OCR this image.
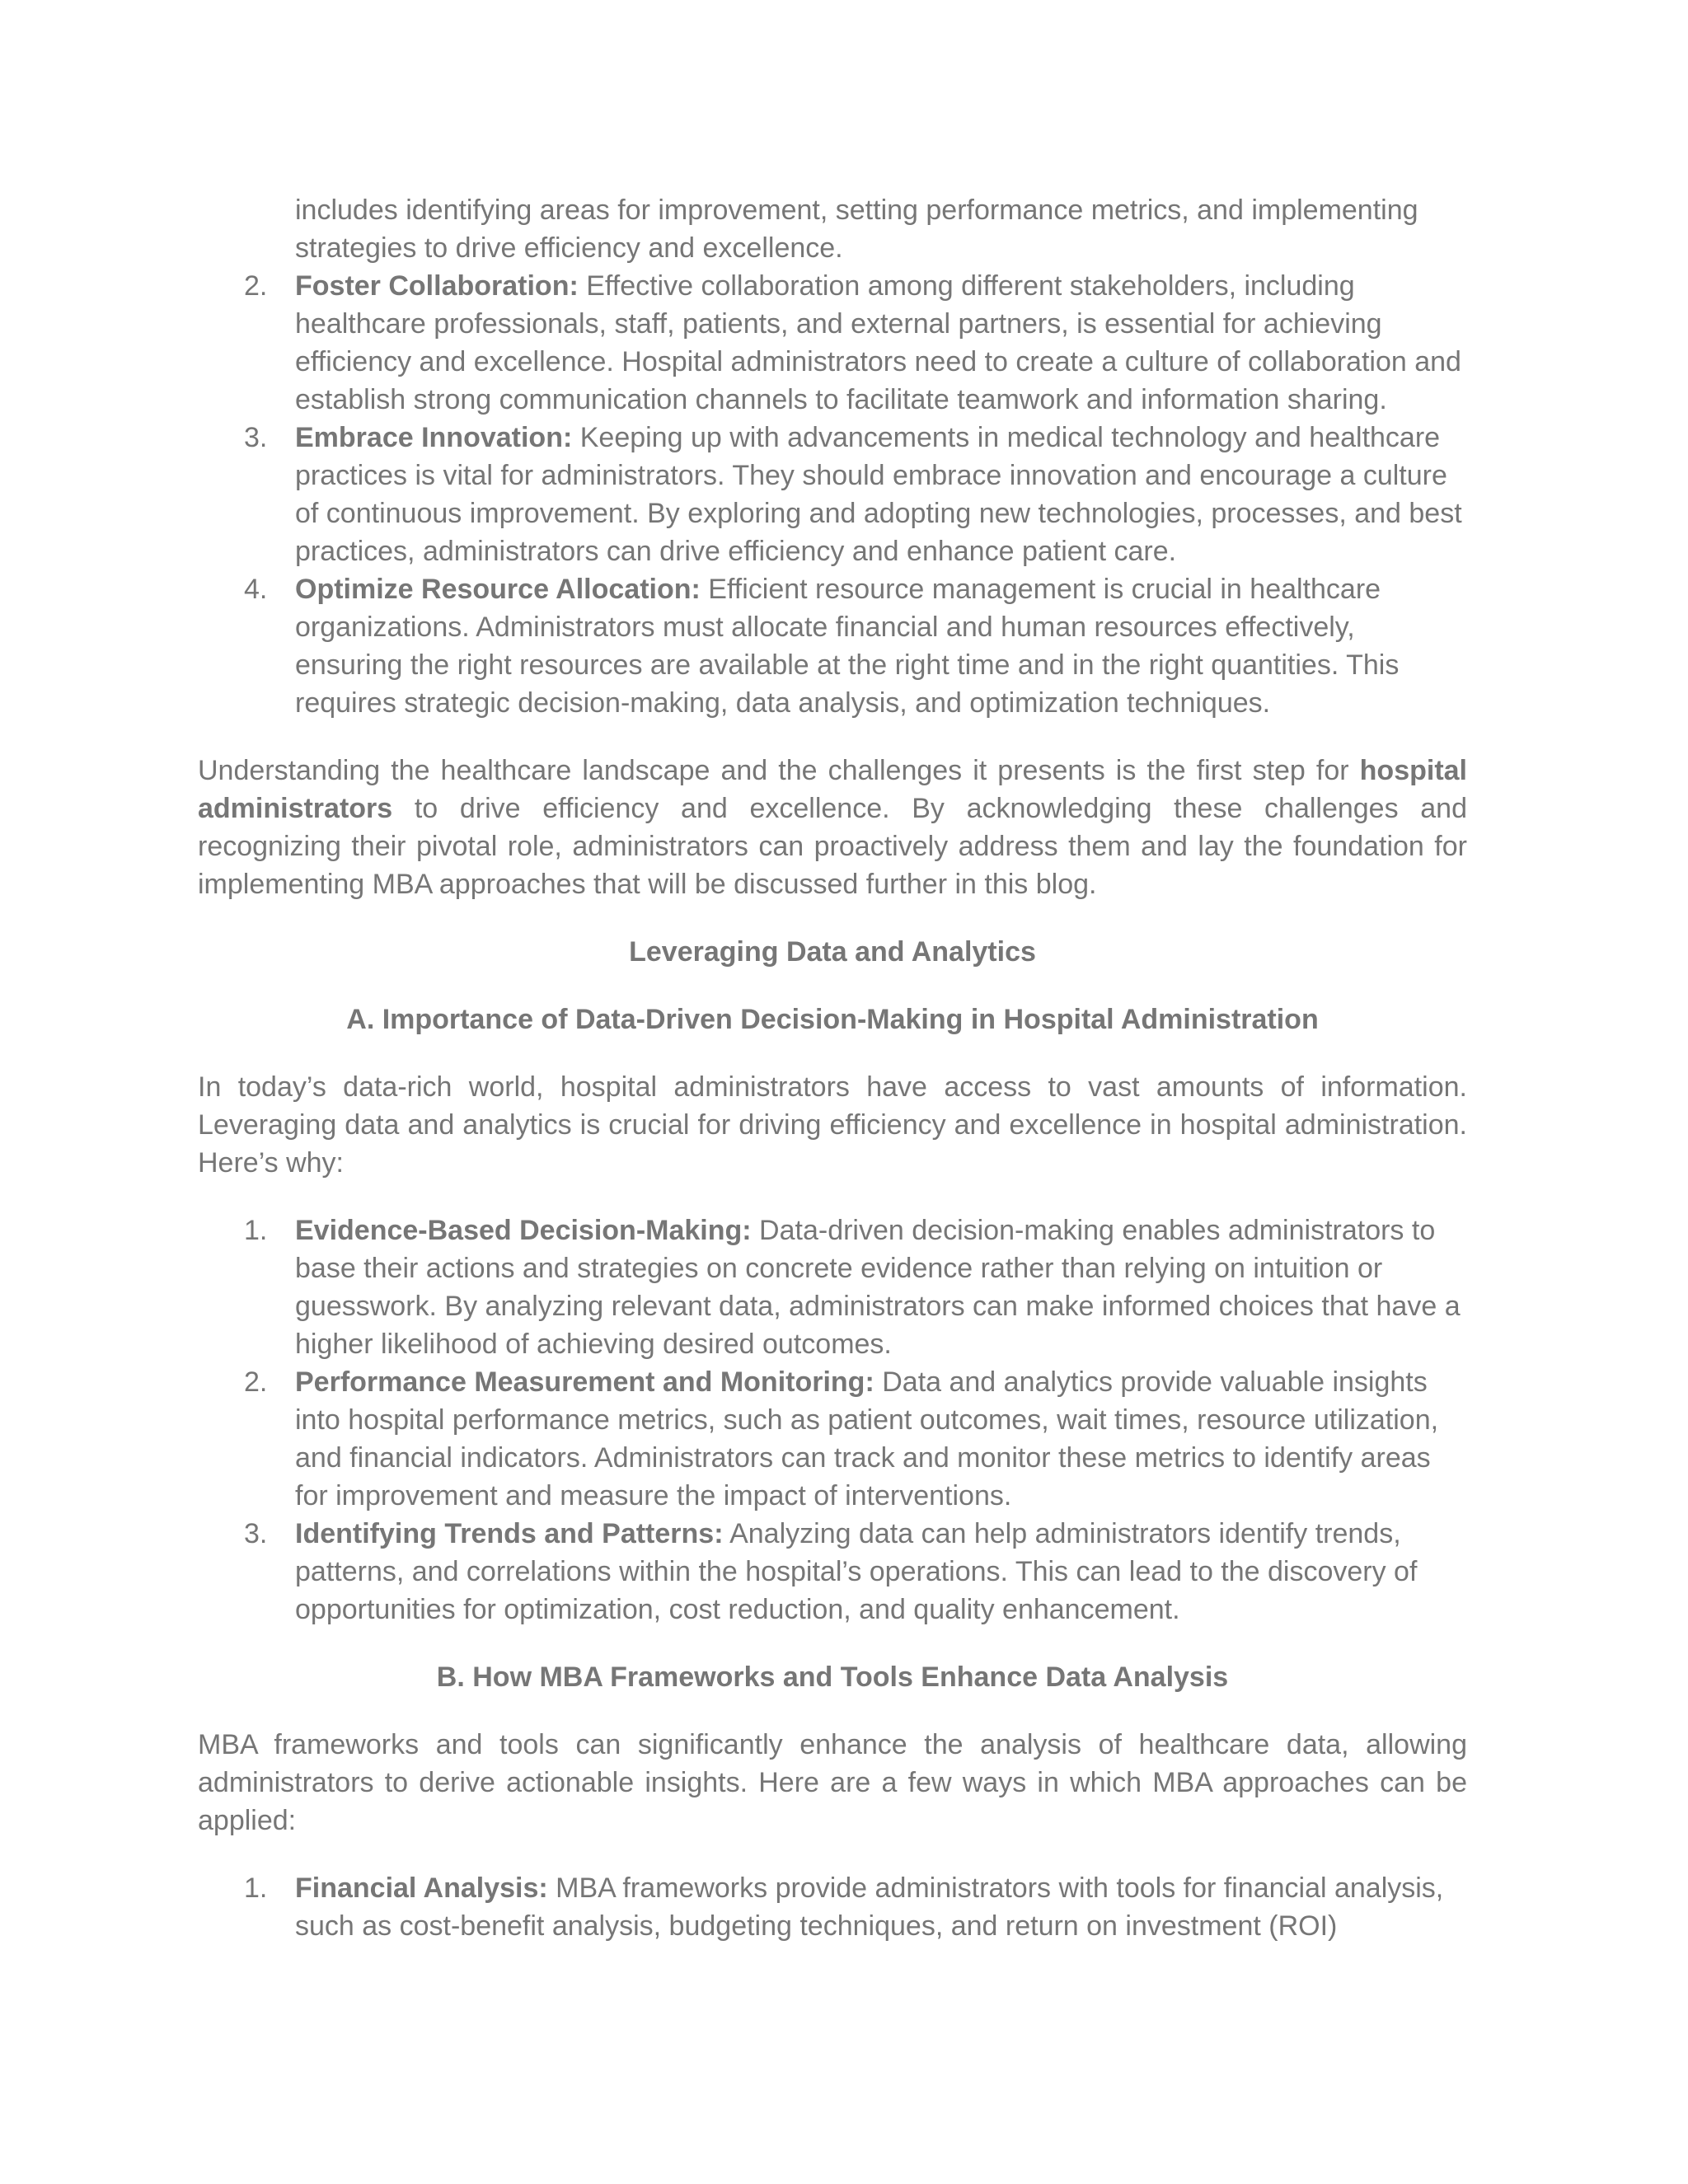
includes identifying areas for improvement, setting performance metrics, and implementing strategies to drive efficiency and excellence.
2. Foster Collaboration: Effective collaboration among different stakeholders, including healthcare professionals, staff, patients, and external partners, is essential for achieving efficiency and excellence. Hospital administrators need to create a culture of collaboration and establish strong communication channels to facilitate teamwork and information sharing.
3. Embrace Innovation: Keeping up with advancements in medical technology and healthcare practices is vital for administrators. They should embrace innovation and encourage a culture of continuous improvement. By exploring and adopting new technologies, processes, and best practices, administrators can drive efficiency and enhance patient care.
4. Optimize Resource Allocation: Efficient resource management is crucial in healthcare organizations. Administrators must allocate financial and human resources effectively, ensuring the right resources are available at the right time and in the right quantities. This requires strategic decision-making, data analysis, and optimization techniques.

Understanding the healthcare landscape and the challenges it presents is the first step for hospital administrators to drive efficiency and excellence. By acknowledging these challenges and recognizing their pivotal role, administrators can proactively address them and lay the foundation for implementing MBA approaches that will be discussed further in this blog.

Leveraging Data and Analytics
A. Importance of Data-Driven Decision-Making in Hospital Administration

In today’s data-rich world, hospital administrators have access to vast amounts of information. Leveraging data and analytics is crucial for driving efficiency and excellence in hospital administration. Here’s why:

1. Evidence-Based Decision-Making: Data-driven decision-making enables administrators to base their actions and strategies on concrete evidence rather than relying on intuition or guesswork. By analyzing relevant data, administrators can make informed choices that have a higher likelihood of achieving desired outcomes.
2. Performance Measurement and Monitoring: Data and analytics provide valuable insights into hospital performance metrics, such as patient outcomes, wait times, resource utilization, and financial indicators. Administrators can track and monitor these metrics to identify areas for improvement and measure the impact of interventions.
3. Identifying Trends and Patterns: Analyzing data can help administrators identify trends, patterns, and correlations within the hospital’s operations. This can lead to the discovery of opportunities for optimization, cost reduction, and quality enhancement.
B. How MBA Frameworks and Tools Enhance Data Analysis

MBA frameworks and tools can significantly enhance the analysis of healthcare data, allowing administrators to derive actionable insights. Here are a few ways in which MBA approaches can be applied:

1. Financial Analysis: MBA frameworks provide administrators with tools for financial analysis, such as cost-benefit analysis, budgeting techniques, and return on investment (ROI)
